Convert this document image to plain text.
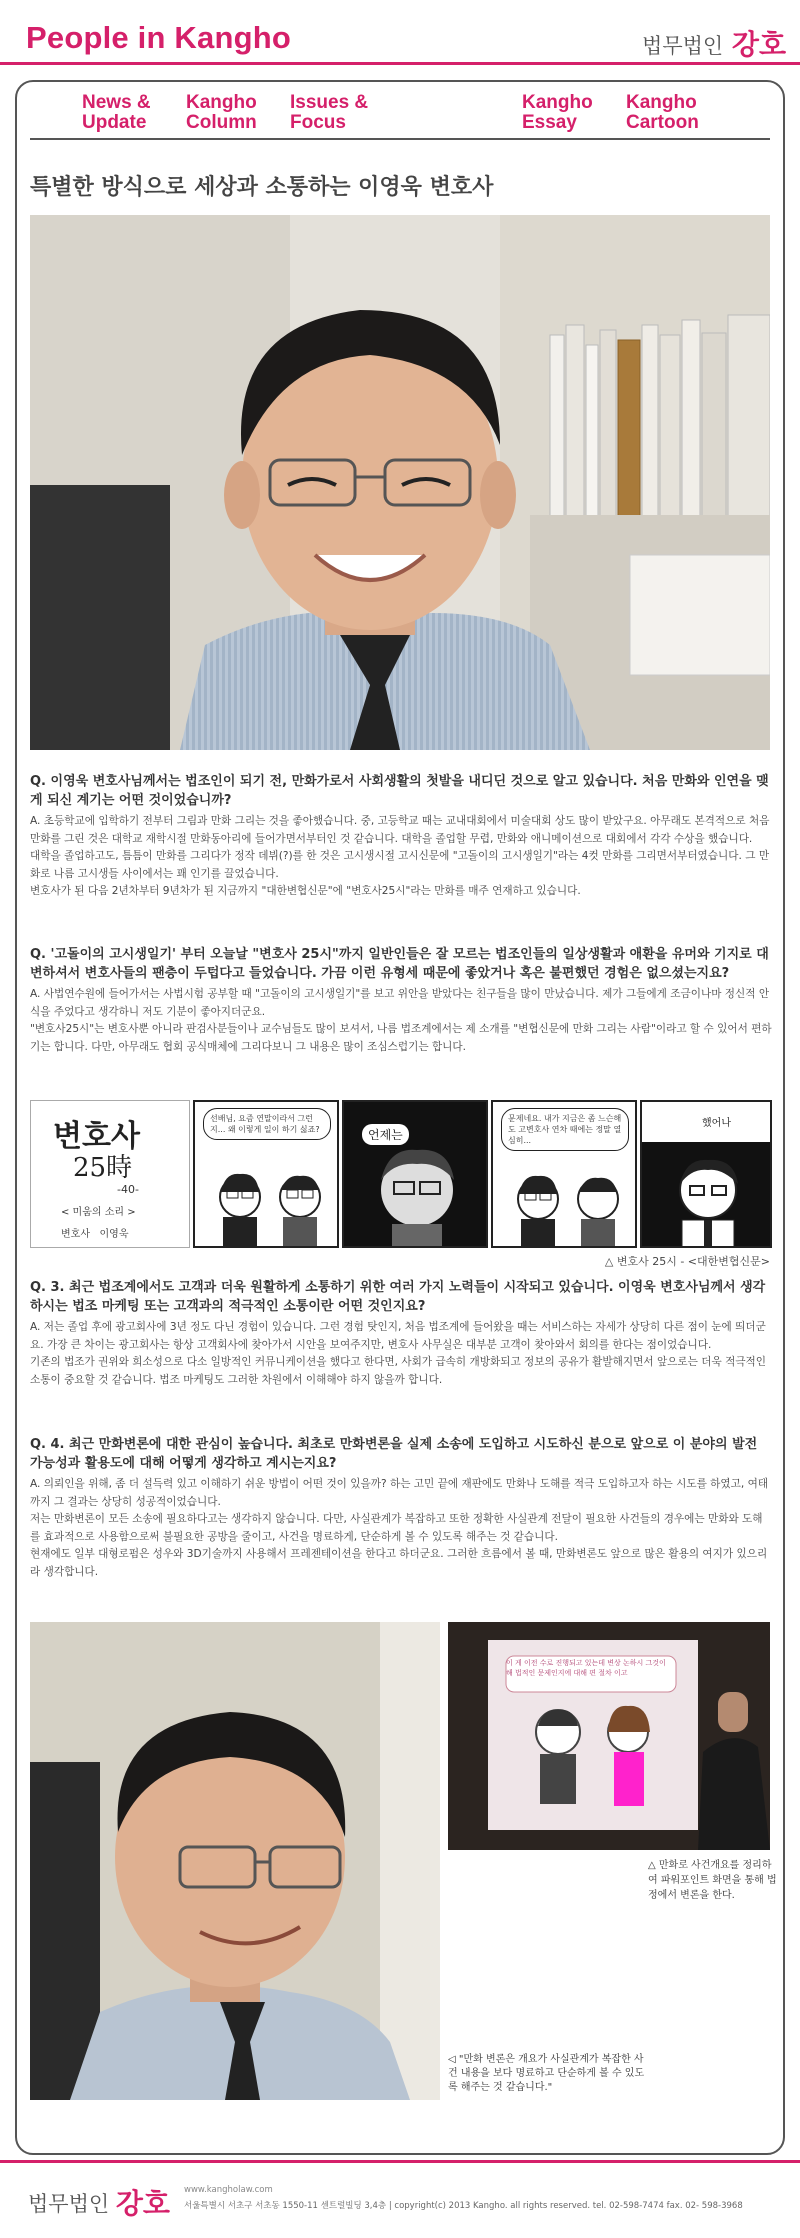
People in Kangho	법무법인 강호
News &
Update
Kangho
Column
Issues &
Focus
Kangho
Essay
Kangho
Cartoon
특별한 방식으로 세상과 소통하는 이영욱 변호사
Q. 이영욱 변호사님께서는 법조인이 되기 전, 만화가로서 사회생활의 첫발을 내디딘 것으로 알고 있습니다. 처음 만화와 인연을 맺게 되신 계기는 어떤 것이었습니까?
A. 초등학교에 입학하기 전부터 그림과 만화 그리는 것을 좋아했습니다. 중, 고등학교 때는 교내대회에서 미술대회 상도 많이 받았구요. 아무래도 본격적으로 처음 만화를 그린 것은 대학교 재학시절 만화동아리에 들어가면서부터인 것 같습니다. 대학을 졸업할 무렵, 만화와 애니메이션으로 대회에서 각각 수상을 했습니다.
대학을 졸업하고도, 틈틈이 만화를 그리다가 정작 데뷔(?)를 한 것은 고시생시절 고시신문에 "고돌이의 고시생일기"라는 4컷 만화를 그리면서부터였습니다. 그 만화로 나름 고시생들 사이에서는 꽤 인기를 끌었습니다.
변호사가 된 다음 2년차부터 9년차가 된 지금까지 "대한변협신문"에 "변호사25시"라는 만화를 매주 연재하고 있습니다.
Q. '고돌이의 고시생일기' 부터 오늘날 "변호사 25시"까지 일반인들은 잘 모르는 법조인들의 일상생활과 애환을 유머와 기지로 대변하셔서 변호사들의 팬층이 두텁다고 들었습니다. 가끔 이런 유형세 때문에 좋았거나 혹은 불편했던 경험은 없으셨는지요?
A. 사법연수원에 들어가서는 사법시험 공부할 때 "고돌이의 고시생일기"를 보고 위안을 받았다는 친구들을 많이 만났습니다. 제가 그들에게 조금이나마 정신적 안식을 주었다고 생각하니 저도 기분이 좋아지더군요.
"변호사25시"는 변호사뿐 아니라 판검사분들이나 교수님들도 많이 보셔서, 나름 법조계에서는 제 소개를 "변협신문에 만화 그리는 사람"이라고 할 수 있어서 편하기는 합니다. 다만, 아무래도 협회 공식매체에 그리다보니 그 내용은 많이 조심스럽기는 합니다.
변호사
25時
-40-
< 미움의 소리 >
변호사   이영욱
선배님, 요즘 연말이라서 그런지... 왜 이렇게 일이 하기 싫죠?	언제는
문제네요. 내가 지금은 좀 느슨해도 고변호사 연차 때에는 정말 열심히...
했어나
△ 변호사 25시 - <대한변협신문>
Q. 3. 최근 법조계에서도 고객과 더욱 원활하게 소통하기 위한 여러 가지 노력들이 시작되고 있습니다. 이영욱 변호사님께서 생각하시는 법조 마케팅 또는 고객과의 적극적인 소통이란 어떤 것인지요?
A. 저는 졸업 후에 광고회사에 3년 정도 다닌 경험이 있습니다. 그런 경험 탓인지, 처음 법조계에 들어왔을 때는 서비스하는 자세가 상당히 다른 점이 눈에 띄더군요. 가장 큰 차이는 광고회사는 항상 고객회사에 찾아가서 시안을 보여주지만, 변호사 사무실은 대부분 고객이 찾아와서 회의를 한다는 점이었습니다.
기존의 법조가 권위와 희소성으로 다소 일방적인 커뮤니케이션을 했다고 한다면, 사회가 급속히 개방화되고 정보의 공유가 활발해지면서 앞으로는 더욱 적극적인 소통이 중요할 것 같습니다. 법조 마케팅도 그러한 차원에서 이해해야 하지 않을까 합니다.
Q. 4. 최근 만화변론에 대한 관심이 높습니다. 최초로 만화변론을 실제 소송에 도입하고 시도하신 분으로 앞으로 이 분야의 발전 가능성과 활용도에 대해 어떻게 생각하고 계시는지요?
A. 의뢰인을 위해, 좀 더 설득력 있고 이해하기 쉬운 방법이 어떤 것이 있을까? 하는 고민 끝에 재판에도 만화나 도해를 적극 도입하고자 하는 시도를 하였고, 여태까지 그 결과는 상당히 성공적이었습니다.
저는 만화변론이 모든 소송에 필요하다고는 생각하지 않습니다. 다만, 사실관계가 복잡하고 또한 정확한 사실관계 전달이 필요한 사건들의 경우에는 만화와 도해를 효과적으로 사용함으로써 불필요한 공방을 줄이고, 사건을 명료하게, 단순하게 볼 수 있도록 해주는 것 같습니다.
현재에도 일부 대형로펌은 성우와 3D기술까지 사용해서 프레젠테이션을 한다고 하더군요. 그러한 흐름에서 볼 때, 만화변론도 앞으로 많은 활용의 여지가 있으리라 생각합니다.
이 게 이전 수로 진행되고 있는데 변상 논하시 그것이 해 법적인 문제인지에 대해 편 절차 이고
△ 만화로 사건개요를 정리하여 파워포인트 화면을 통해 법정에서 변론을 한다.
◁ "만화 변론은 개요가 사실관계가 복잡한 사건 내용을 보다 명료하고 단순하게 볼 수 있도록 해주는 것 같습니다."
법무법인 강호 www.kangholaw.com
서울특별시 서초구 서초동 1550-11 센트럴빌딩 3,4층 | copyright(c) 2013 Kangho. all rights reserved. tel. 02-598-7474 fax. 02- 598-3968
